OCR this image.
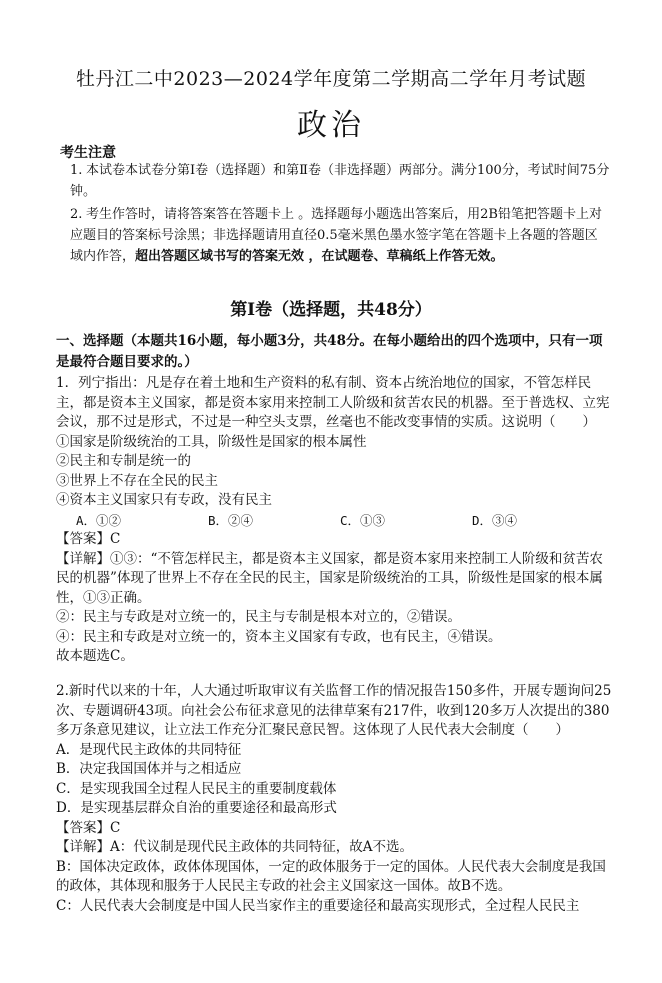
牡丹江二中2023—2024学年度第二学期高二学年月考试题
政治
考生注意
1. 本试卷本试卷分第Ⅰ卷（选择题）和第Ⅱ卷（非选择题）两部分。满分100分，考试时间75分钟。
2. 考生作答时，请将答案答在答题卡上 。选择题每小题选出答案后，用2B铅笔把答题卡上对 应题目的答案标号涂黑；非选择题请用直径0.5毫米黑色墨水签字笔在答题卡上各题的答题区域内作答，超出答题区域书写的答案无效 ，在试题卷、草稿纸上作答无效。
第Ⅰ卷（选择题，共48分）
一、选择题（本题共16小题，每小题3分，共48分。在每小题给出的四个选项中，只有一项是最符合题目要求的。）
1．列宁指出：凡是存在着土地和生产资料的私有制、资本占统治地位的国家，不管怎样民主，都是资本主义国家，都是资本家用来控制工人阶级和贫苦农民的机器。至于普选权、立宪会议，那不过是形式，不过是一种空头支票，丝毫也不能改变事情的实质。这说明（　　）
①国家是阶级统治的工具，阶级性是国家的根本属性
②民主和专制是统一的
③世界上不存在全民的民主
④资本主义国家只有专政，没有民主
A．①②	B．②④	C．①③	D．③④
【答案】C
【详解】①③：“不管怎样民主，都是资本主义国家，都是资本家用来控制工人阶级和贫苦农民的机器”体现了世界上不存在全民的民主，国家是阶级统治的工具，阶级性是国家的根本属性，①③正确。
②：民主与专政是对立统一的，民主与专制是根本对立的，②错误。
④：民主和专政是对立统一的，资本主义国家有专政，也有民主，④错误。
故本题选C。
2.新时代以来的十年，人大通过听取审议有关监督工作的情况报告150多件，开展专题询问25次、专题调研43项。向社会公布征求意见的法律草案有217件，收到120多万人次提出的380多万条意见建议，让立法工作充分汇聚民意民智。这体现了人民代表大会制度（　　）
A．是现代民主政体的共同特征
B．决定我国国体并与之相适应
C．是实现我国全过程人民民主的重要制度载体
D．是实现基层群众自治的重要途径和最高形式
【答案】C
【详解】A：代议制是现代民主政体的共同特征，故A不选。
B：国体决定政体，政体体现国体，一定的政体服务于一定的国体。人民代表大会制度是我国的政体，其体现和服务于人民民主专政的社会主义国家这一国体。故B不选。
C：人民代表大会制度是中国人民当家作主的重要途径和最高实现形式，全过程人民民主
